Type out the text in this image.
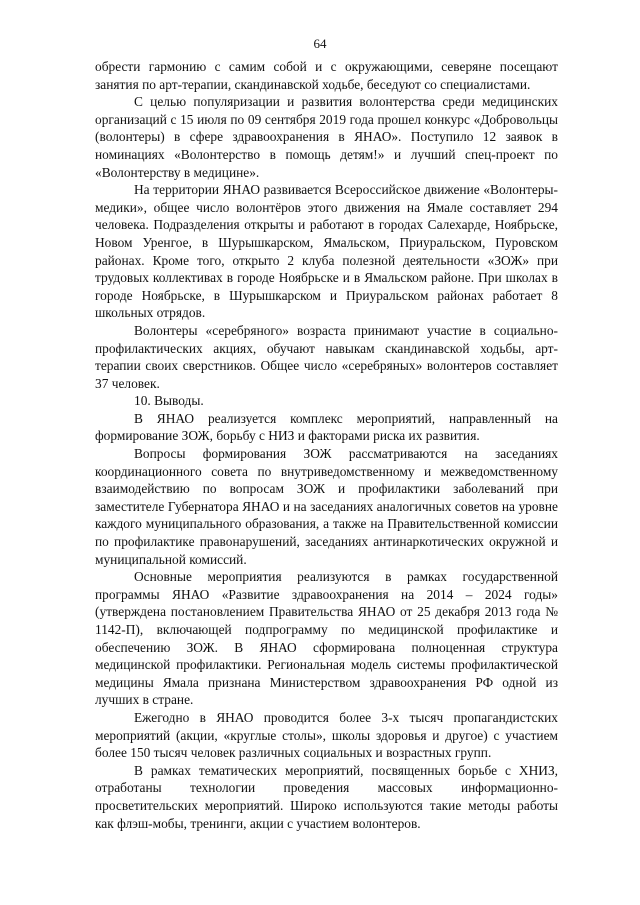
64

обрести гармонию с самим собой и с окружающими, северяне посещают занятия по арт-терапии, скандинавской ходьбе, беседуют со специалистами.

С целью популяризации и развития волонтерства среди медицинских организаций с 15 июля по 09 сентября 2019 года прошел конкурс «Добровольцы (волонтеры) в сфере здравоохранения в ЯНАО». Поступило 12 заявок в номинациях «Волонтерство в помощь детям!» и лучший спец-проект по «Волонтерству в медицине».

На территории ЯНАО развивается Всероссийское движение «Волонтеры-медики», общее число волонтёров этого движения на Ямале составляет 294 человека. Подразделения открыты и работают в городах Салехарде, Ноябрьске, Новом Уренгое, в Шурышкарском, Ямальском, Приуральском, Пуровском районах. Кроме того, открыто 2 клуба полезной деятельности «ЗОЖ» при трудовых коллективах в городе Ноябрьске и в Ямальском районе. При школах в городе Ноябрьске, в Шурышкарском и Приуральском районах работает 8 школьных отрядов.

Волонтеры «серебряного» возраста принимают участие в социально-профилактических акциях, обучают навыкам скандинавской ходьбы, арт-терапии своих сверстников. Общее число «серебряных» волонтеров составляет 37 человек.

10. Выводы.

В ЯНАО реализуется комплекс мероприятий, направленный на формирование ЗОЖ, борьбу с НИЗ и факторами риска их развития.

Вопросы формирования ЗОЖ рассматриваются на заседаниях координационного совета по внутриведомственному и межведомственному взаимодействию по вопросам ЗОЖ и профилактики заболеваний при заместителе Губернатора ЯНАО и на заседаниях аналогичных советов на уровне каждого муниципального образования, а также на Правительственной комиссии по профилактике правонарушений, заседаниях антинаркотических окружной и муниципальной комиссий.

Основные мероприятия реализуются в рамках государственной программы ЯНАО «Развитие здравоохранения на 2014 – 2024 годы» (утверждена постановлением Правительства ЯНАО от 25 декабря 2013 года № 1142-П), включающей подпрограмму по медицинской профилактике и обеспечению ЗОЖ. В ЯНАО сформирована полноценная структура медицинской профилактики. Региональная модель системы профилактической медицины Ямала признана Министерством здравоохранения РФ одной из лучших в стране.

Ежегодно в ЯНАО проводится более 3-х тысяч пропагандистских мероприятий (акции, «круглые столы», школы здоровья и другое) с участием более 150 тысяч человек различных социальных и возрастных групп.

В рамках тематических мероприятий, посвященных борьбе с ХНИЗ, отработаны технологии проведения массовых информационно-просветительских мероприятий. Широко используются такие методы работы как флэш-мобы, тренинги, акции с участием волонтеров.
